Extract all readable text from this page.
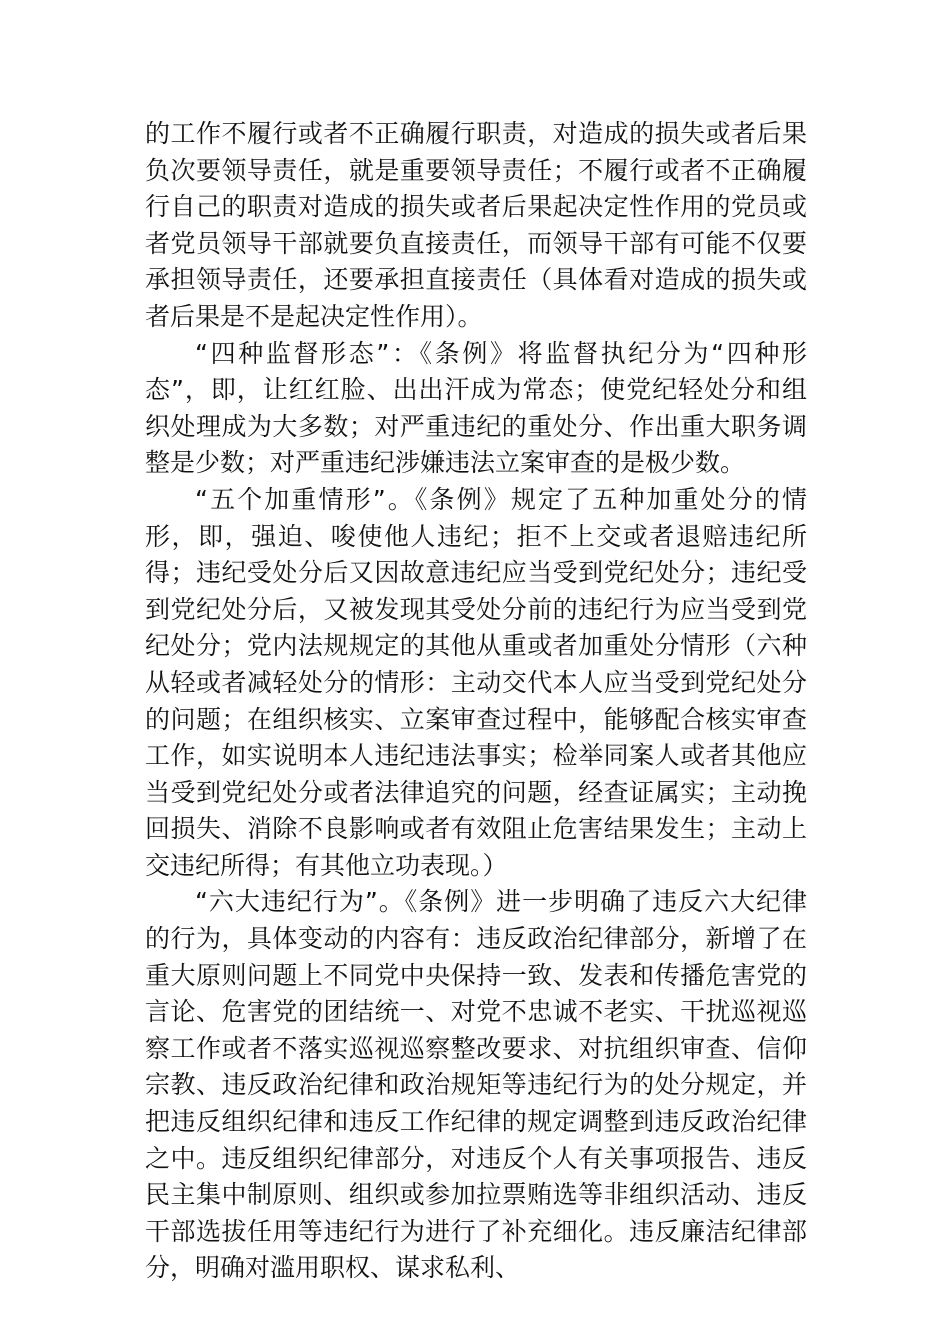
的工作不履行或者不正确履行职责，对造成的损失或者后果负次要领导责任，就是重要领导责任；不履行或者不正确履行自己的职责对造成的损失或者后果起决定性作用的党员或者党员领导干部就要负直接责任，而领导干部有可能不仅要承担领导责任，还要承担直接责任（具体看对造成的损失或者后果是不是起决定性作用）。

“四种监督形态”：《条例》将监督执纪分为“四种形态”，即，让红红脸、出出汗成为常态；使党纪轻处分和组织处理成为大多数；对严重违纪的重处分、作出重大职务调整是少数；对严重违纪涉嫌违法立案审查的是极少数。

“五个加重情形”。《条例》规定了五种加重处分的情形，即，强迫、唆使他人违纪；拒不上交或者退赔违纪所得；违纪受处分后又因故意违纪应当受到党纪处分；违纪受到党纪处分后，又被发现其受处分前的违纪行为应当受到党纪处分；党内法规规定的其他从重或者加重处分情形（六种从轻或者减轻处分的情形：主动交代本人应当受到党纪处分的问题；在组织核实、立案审查过程中，能够配合核实审查工作，如实说明本人违纪违法事实；检举同案人或者其他应当受到党纪处分或者法律追究的问题，经查证属实；主动挽回损失、消除不良影响或者有效阻止危害结果发生；主动上交违纪所得；有其他立功表现。）

“六大违纪行为”。《条例》进一步明确了违反六大纪律的行为，具体变动的内容有：违反政治纪律部分，新增了在重大原则问题上不同党中央保持一致、发表和传播危害党的言论、危害党的团结统一、对党不忠诚不老实、干扰巡视巡察工作或者不落实巡视巡察整改要求、对抗组织审查、信仰宗教、违反政治纪律和政治规矩等违纪行为的处分规定，并把违反组织纪律和违反工作纪律的规定调整到违反政治纪律之中。违反组织纪律部分，对违反个人有关事项报告、违反民主集中制原则、组织或参加拉票贿选等非组织活动、违反干部选拔任用等违纪行为进行了补充细化。违反廉洁纪律部分，明确对滥用职权、谋求私利、
